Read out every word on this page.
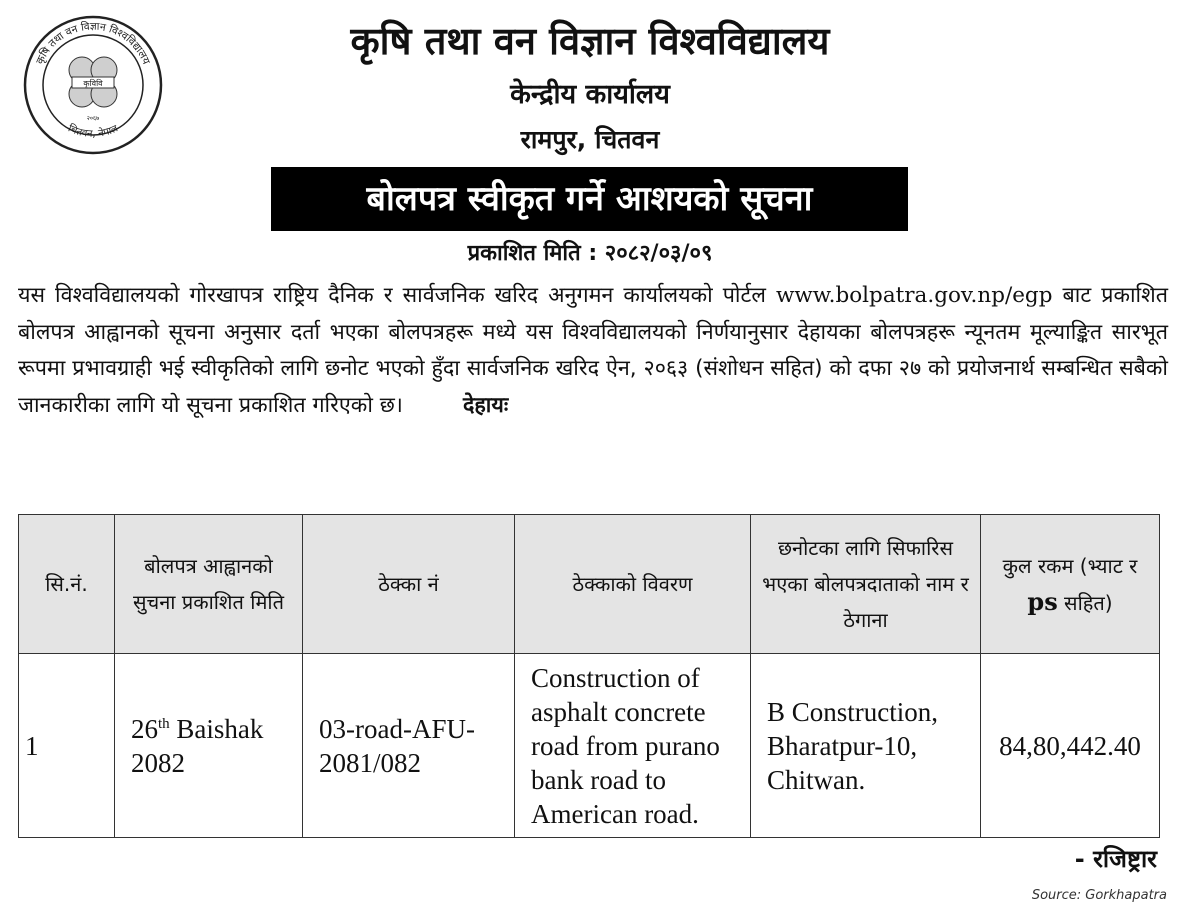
कृषि तथा वन विज्ञान विश्वविद्यालय
चितवन, नेपाल
कृविवि
२०६७
कृषि तथा वन विज्ञान विश्वविद्यालय
केन्द्रीय कार्यालय
रामपुर, चितवन
बोलपत्र स्वीकृत गर्ने आशयको सूचना
प्रकाशित मिति : २०८२/०३/०९
यस विश्वविद्यालयको गोरखापत्र राष्ट्रिय दैनिक र सार्वजनिक खरिद अनुगमन कार्यालयको पोर्टल www.bolpatra.gov.np/egp बाट प्रकाशित बोलपत्र आह्वानको सूचना अनुसार दर्ता भएका बोलपत्रहरू मध्ये यस विश्वविद्यालयको निर्णयानुसार देहायका बोलपत्रहरू न्यूनतम मूल्याङ्कित सारभूत रूपमा प्रभावग्राही भई स्वीकृतिको लागि छनोट भएको हुँदा सार्वजनिक खरिद ऐन, २०६३ (संशोधन सहित) को दफा २७ को प्रयोजनार्थ सम्बन्धित सबैको जानकारीका लागि यो सूचना प्रकाशित गरिएको छ।	देहायः
सि.नं.	बोलपत्र आह्वानको सुचना प्रकाशित मिति	ठेक्का नं	ठेक्काको विवरण	छनोटका लागि सिफारिस भएका बोलपत्रदाताको नाम र ठेगाना	कुल रकम (भ्याट र ps सहित)
1	26th Baishak 2082	03-road-AFU-2081/082	Construction of asphalt concrete road from purano bank road to American road.	B Construction, Bharatpur-10, Chitwan.	84,80,442.40
- रजिष्ट्रार
Source: Gorkhapatra
